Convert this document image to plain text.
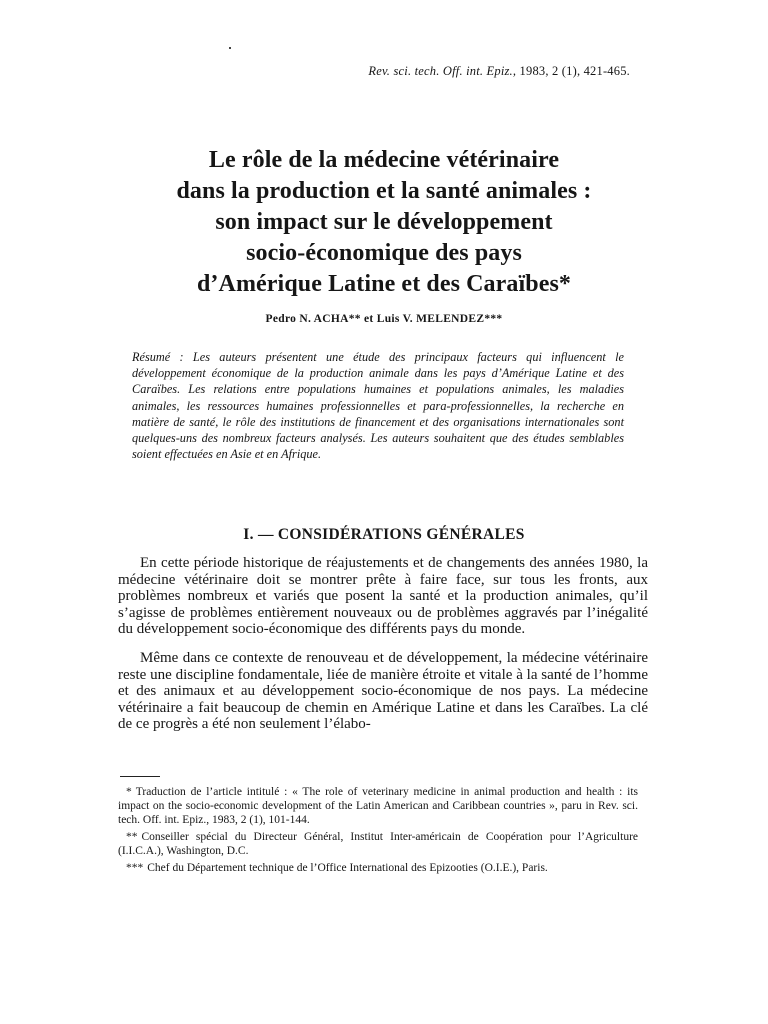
Rev. sci. tech. Off. int. Epiz., 1983, 2 (1), 421-465.
Le rôle de la médecine vétérinaire
dans la production et la santé animales :
son impact sur le développement
socio-économique des pays
d’Amérique Latine et des Caraïbes*
Pedro N. ACHA** et Luis V. MELENDEZ***

Résumé : Les auteurs présentent une étude des principaux facteurs qui influencent le développement économique de la production animale dans les pays d’Amérique Latine et des Caraïbes. Les relations entre populations humaines et populations animales, les maladies animales, les ressources humaines professionnelles et para-professionnelles, la recherche en matière de santé, le rôle des institutions de financement et des organisations internationales sont quelques-uns des nombreux facteurs analysés. Les auteurs souhaitent que des études semblables soient effectuées en Asie et en Afrique.

I. — CONSIDÉRATIONS GÉNÉRALES

En cette période historique de réajustements et de changements des années 1980, la médecine vétérinaire doit se montrer prête à faire face, sur tous les fronts, aux problèmes nombreux et variés que posent la santé et la production animales, qu’il s’agisse de problèmes entièrement nouveaux ou de problèmes aggravés par l’inégalité du développement socio-économique des différents pays du monde.

Même dans ce contexte de renouveau et de développement, la médecine vétérinaire reste une discipline fondamentale, liée de manière étroite et vitale à la santé de l’homme et des animaux et au développement socio-économique de nos pays. La médecine vétérinaire a fait beaucoup de chemin en Amérique Latine et dans les Caraïbes. La clé de ce progrès a été non seulement l’élabo-

* Traduction de l’article intitulé : « The role of veterinary medicine in animal production and health : its impact on the socio-economic development of the Latin American and Caribbean countries », paru in Rev. sci. tech. Off. int. Epiz., 1983, 2 (1), 101-144.

** Conseiller spécial du Directeur Général, Institut Inter-américain de Coopération pour l’Agriculture (I.I.C.A.), Washington, D.C.

*** Chef du Département technique de l’Office International des Epizooties (O.I.E.), Paris.
